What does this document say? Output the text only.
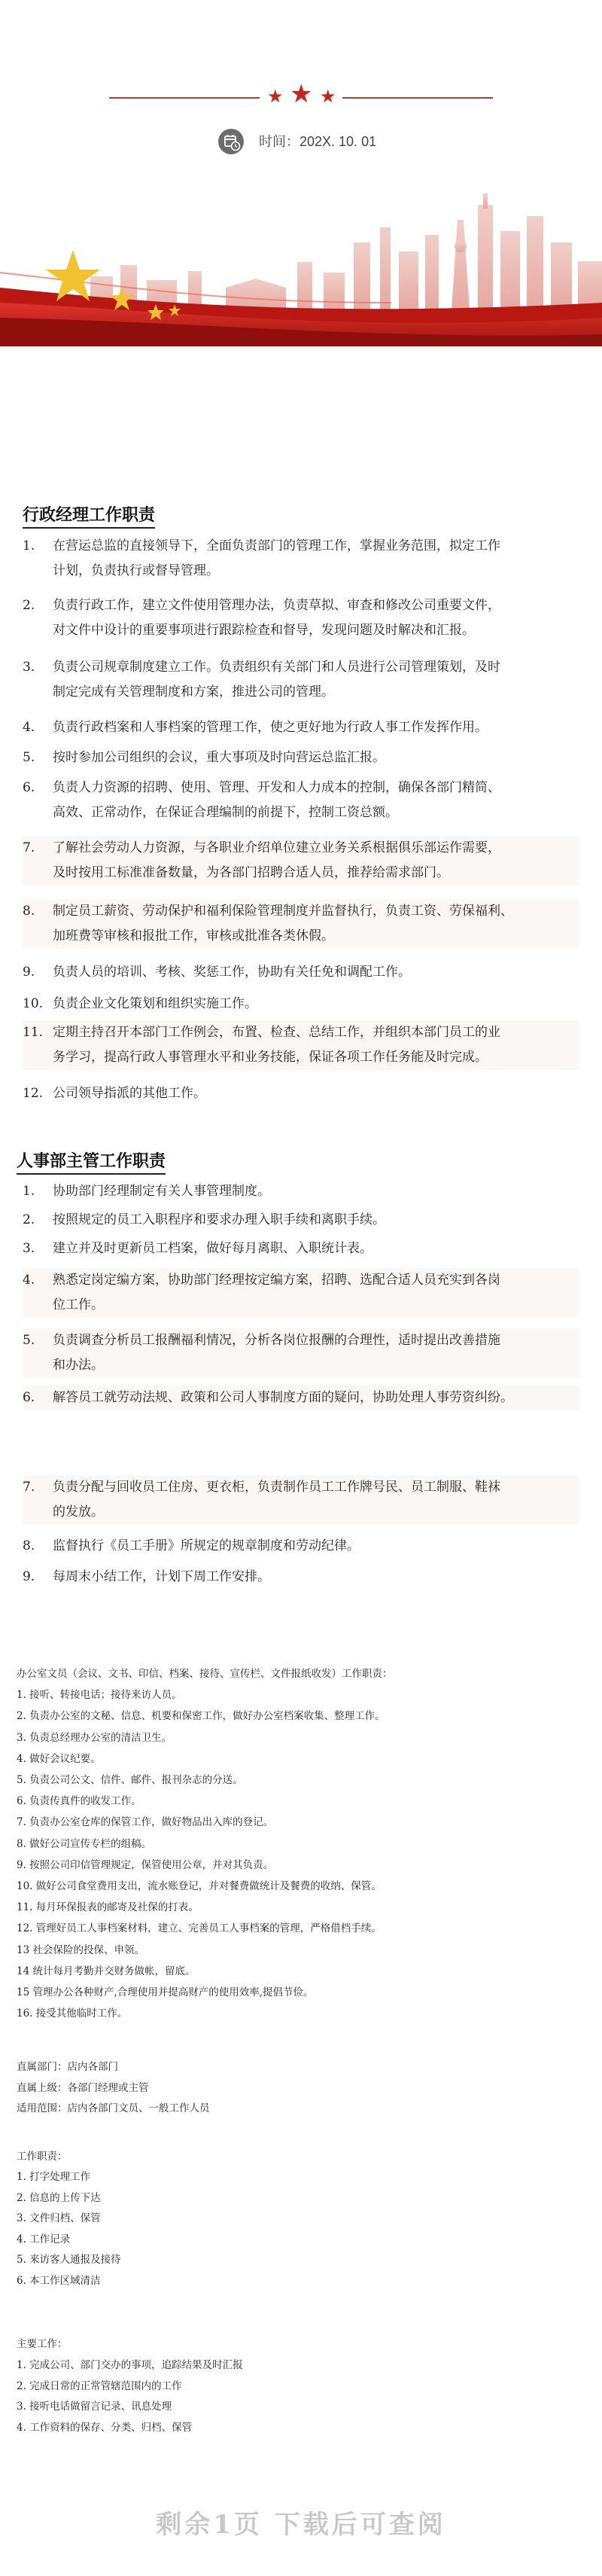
★ ★ ★
时间：202X. 10. 01
行政经理工作职责
1. 在营运总监的直接领导下，全面负责部门的管理工作，掌握业务范围，拟定工作
计划，负责执行或督导管理。
2. 负责行政工作，建立文件使用管理办法，负责草拟、审查和修改公司重要文件，
对文件中设计的重要事项进行跟踪检查和督导，发现问题及时解决和汇报。
3. 负责公司规章制度建立工作。负责组织有关部门和人员进行公司管理策划，及时
制定完成有关管理制度和方案，推进公司的管理。
4. 负责行政档案和人事档案的管理工作，使之更好地为行政人事工作发挥作用。
5. 按时参加公司组织的会议，重大事项及时向营运总监汇报。
6. 负责人力资源的招聘、使用、管理、开发和人力成本的控制，确保各部门精简、
高效、正常动作，在保证合理编制的前提下，控制工资总额。
7. 了解社会劳动人力资源，与各职业介绍单位建立业务关系根据俱乐部运作需要，
及时按用工标准准备数量，为各部门招聘合适人员，推荐给需求部门。
8. 制定员工薪资、劳动保护和福利保险管理制度并监督执行，负责工资、劳保福利、
加班费等审核和报批工作，审核或批准各类休假。
9. 负责人员的培训、考核、奖惩工作，协助有关任免和调配工作。
10. 负责企业文化策划和组织实施工作。
11. 定期主持召开本部门工作例会，布置、检查、总结工作，并组织本部门员工的业
务学习，提高行政人事管理水平和业务技能，保证各项工作任务能及时完成。
12. 公司领导指派的其他工作。
人事部主管工作职责
1. 协助部门经理制定有关人事管理制度。
2. 按照规定的员工入职程序和要求办理入职手续和离职手续。
3. 建立并及时更新员工档案，做好每月离职、入职统计表。
4. 熟悉定岗定编方案，协助部门经理按定编方案，招聘、选配合适人员充实到各岗
位工作。
5. 负责调查分析员工报酬福利情况，分析各岗位报酬的合理性，适时提出改善措施
和办法。
6. 解答员工就劳动法规、政策和公司人事制度方面的疑问，协助处理人事劳资纠纷。
7. 负责分配与回收员工住房、更衣柜，负责制作员工工作牌号民、员工制服、鞋袜
的发放。
8. 监督执行《员工手册》所规定的规章制度和劳动纪律。
9. 每周末小结工作，计划下周工作安排。
办公室文员（会议、文书、印信、档案、接待、宣传栏、文件报纸收发）工作职责：
1. 接听、转接电话；接待来访人员。
2. 负责办公室的文秘、信息、机要和保密工作，做好办公室档案收集、整理工作。
3. 负责总经理办公室的清洁卫生。
4. 做好会议纪要。
5. 负责公司公文、信件、邮件、报刊杂志的分送。
6. 负责传真件的收发工作。
7. 负责办公室仓库的保管工作，做好物品出入库的登记。
8. 做好公司宣传专栏的组稿。
9. 按照公司印信管理规定，保管使用公章，并对其负责。
10. 做好公司食堂费用支出，流水账登记，并对餐费做统计及餐费的收纳、保管。
11. 每月环保报表的邮寄及社保的打表。
12. 管理好员工人事档案材料，建立、完善员工人事档案的管理，严格借档手续。
13 社会保险的投保、申领。
14 统计每月考勤并交财务做帐，留底。
15 管理办公各种财产,合理使用并提高财产的使用效率,提倡节俭。
16. 接受其他临时工作。
直属部门：店内各部门
直属上级：各部门经理或主管
适用范围：店内各部门文员、一般工作人员
工作职责：
1. 打字处理工作
2. 信息的上传下达
3. 文件归档、保管
4. 工作记录
5. 来访客人通报及接待
6. 本工作区域清洁
主要工作：
1. 完成公司、部门交办的事项，追踪结果及时汇报
2. 完成日常的正常管辖范围内的工作
3. 接听电话做留言记录、讯息处理
4. 工作资料的保存、分类、归档、保管
剩余1页 下载后可查阅
